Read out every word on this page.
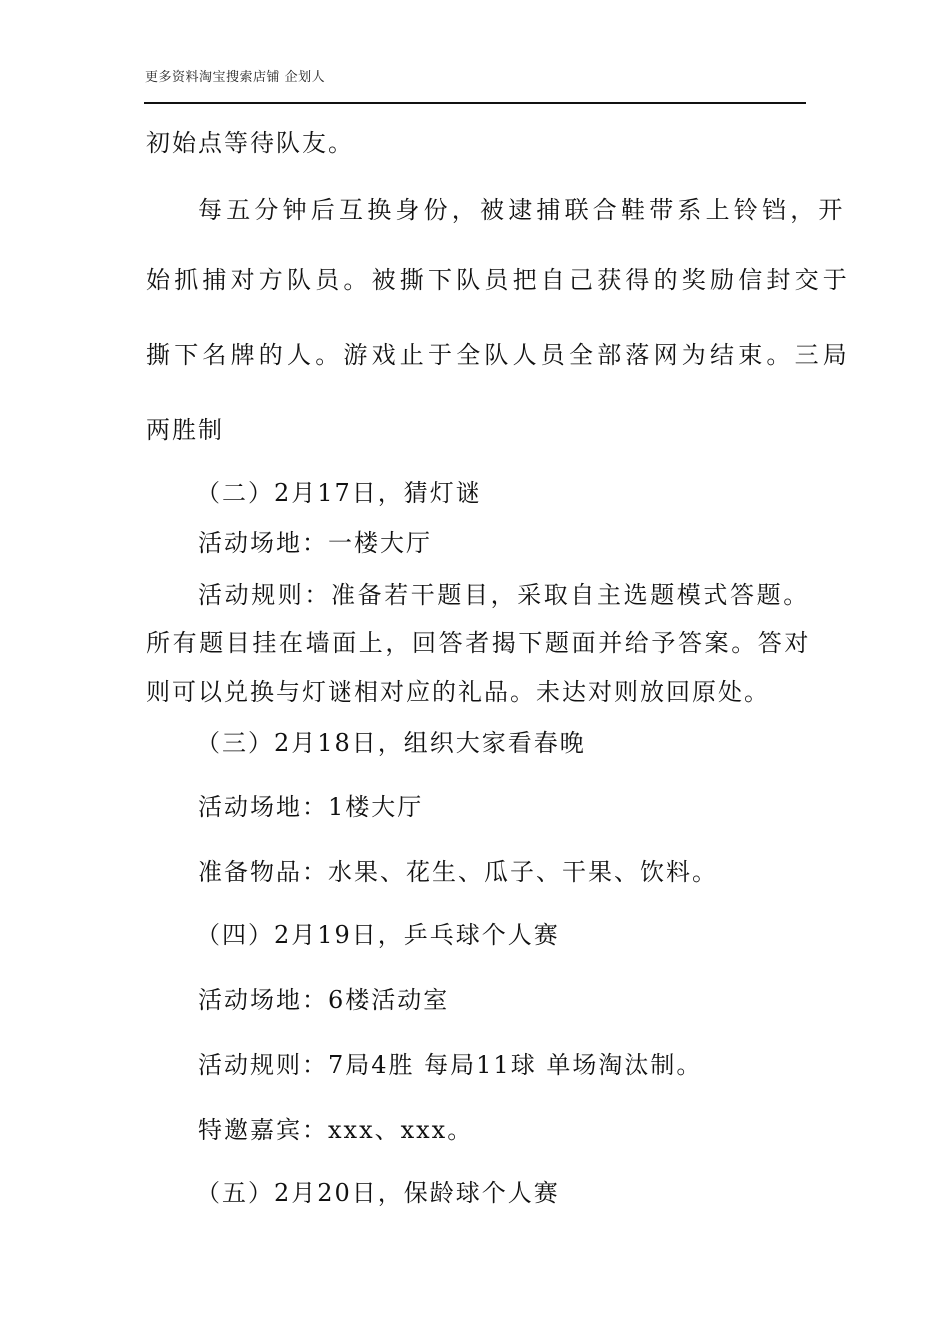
更多资料淘宝搜索店铺 企划人
初始点等待队友。
每五分钟后互换身份，被逮捕联合鞋带系上铃铛，开
始抓捕对方队员。被撕下队员把自己获得的奖励信封交于
撕下名牌的人。游戏止于全队人员全部落网为结束。三局
两胜制
（二）2月17日，猜灯谜
活动场地：一楼大厅
活动规则：准备若干题目，采取自主选题模式答题。
所有题目挂在墙面上，回答者揭下题面并给予答案。答对
则可以兑换与灯谜相对应的礼品。未达对则放回原处。
（三）2月18日，组织大家看春晚
活动场地：1楼大厅
准备物品：水果、花生、瓜子、干果、饮料。
（四）2月19日，乒乓球个人赛
活动场地：6楼活动室
活动规则：7局4胜 每局11球 单场淘汰制。
特邀嘉宾：xxx、xxx。
（五）2月20日，保龄球个人赛
